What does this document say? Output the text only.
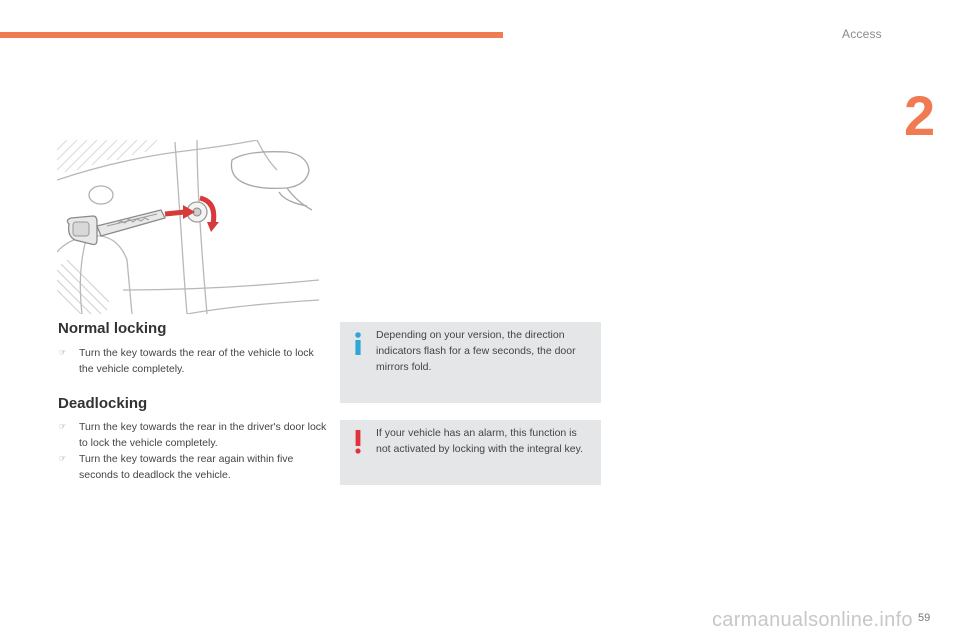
Access
2
Normal locking
☞ Turn the key towards the rear of the vehicle to lock the vehicle completely.
Deadlocking
☞ Turn the key towards the rear in the driver's door lock to lock the vehicle completely.
☞ Turn the key towards the rear again within five seconds to deadlock the vehicle.
Depending on your version, the direction indicators flash for a few seconds, the door mirrors fold.
If your vehicle has an alarm, this function is not activated by locking with the integral key.
carmanualsonline.info 59
